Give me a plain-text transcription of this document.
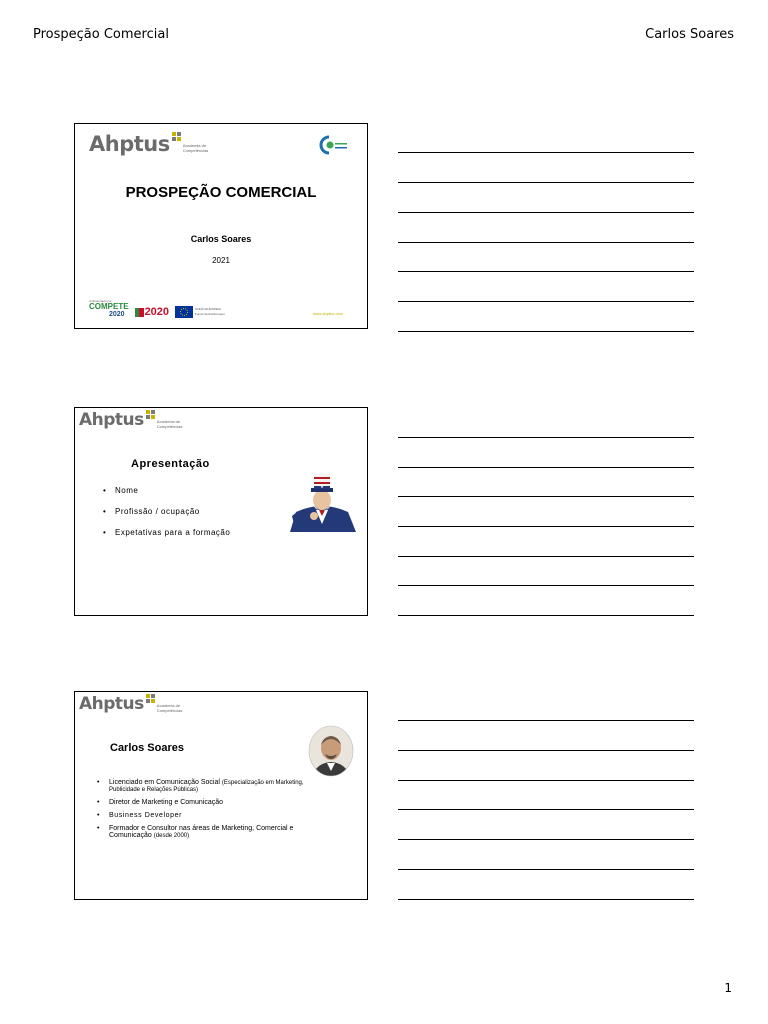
Prospeção Comercial	Carlos Soares
Ahptus	Academia de
Competências
PROSPEÇÃO COMERCIAL
Carlos Soares
2021
Cofinanciado por:
COMPETE
2020	2020	UNIÃO EUROPEIA
Fundo Social Europeu	www.ahptus.com
Ahptus	Academia de
Competências
Apresentação
• Nome
• Profissão / ocupação
• Expetativas para a formação
Ahptus	Academia de
Competências
Carlos Soares
• Licenciado em Comunicação Social (Especialização em Marketing, Publicidade e Relações Públicas)
• Diretor de Marketing e Comunicação
• Business Developer
• Formador e Consultor nas áreas de Marketing, Comercial e Comunicação (desde 2000)
1
